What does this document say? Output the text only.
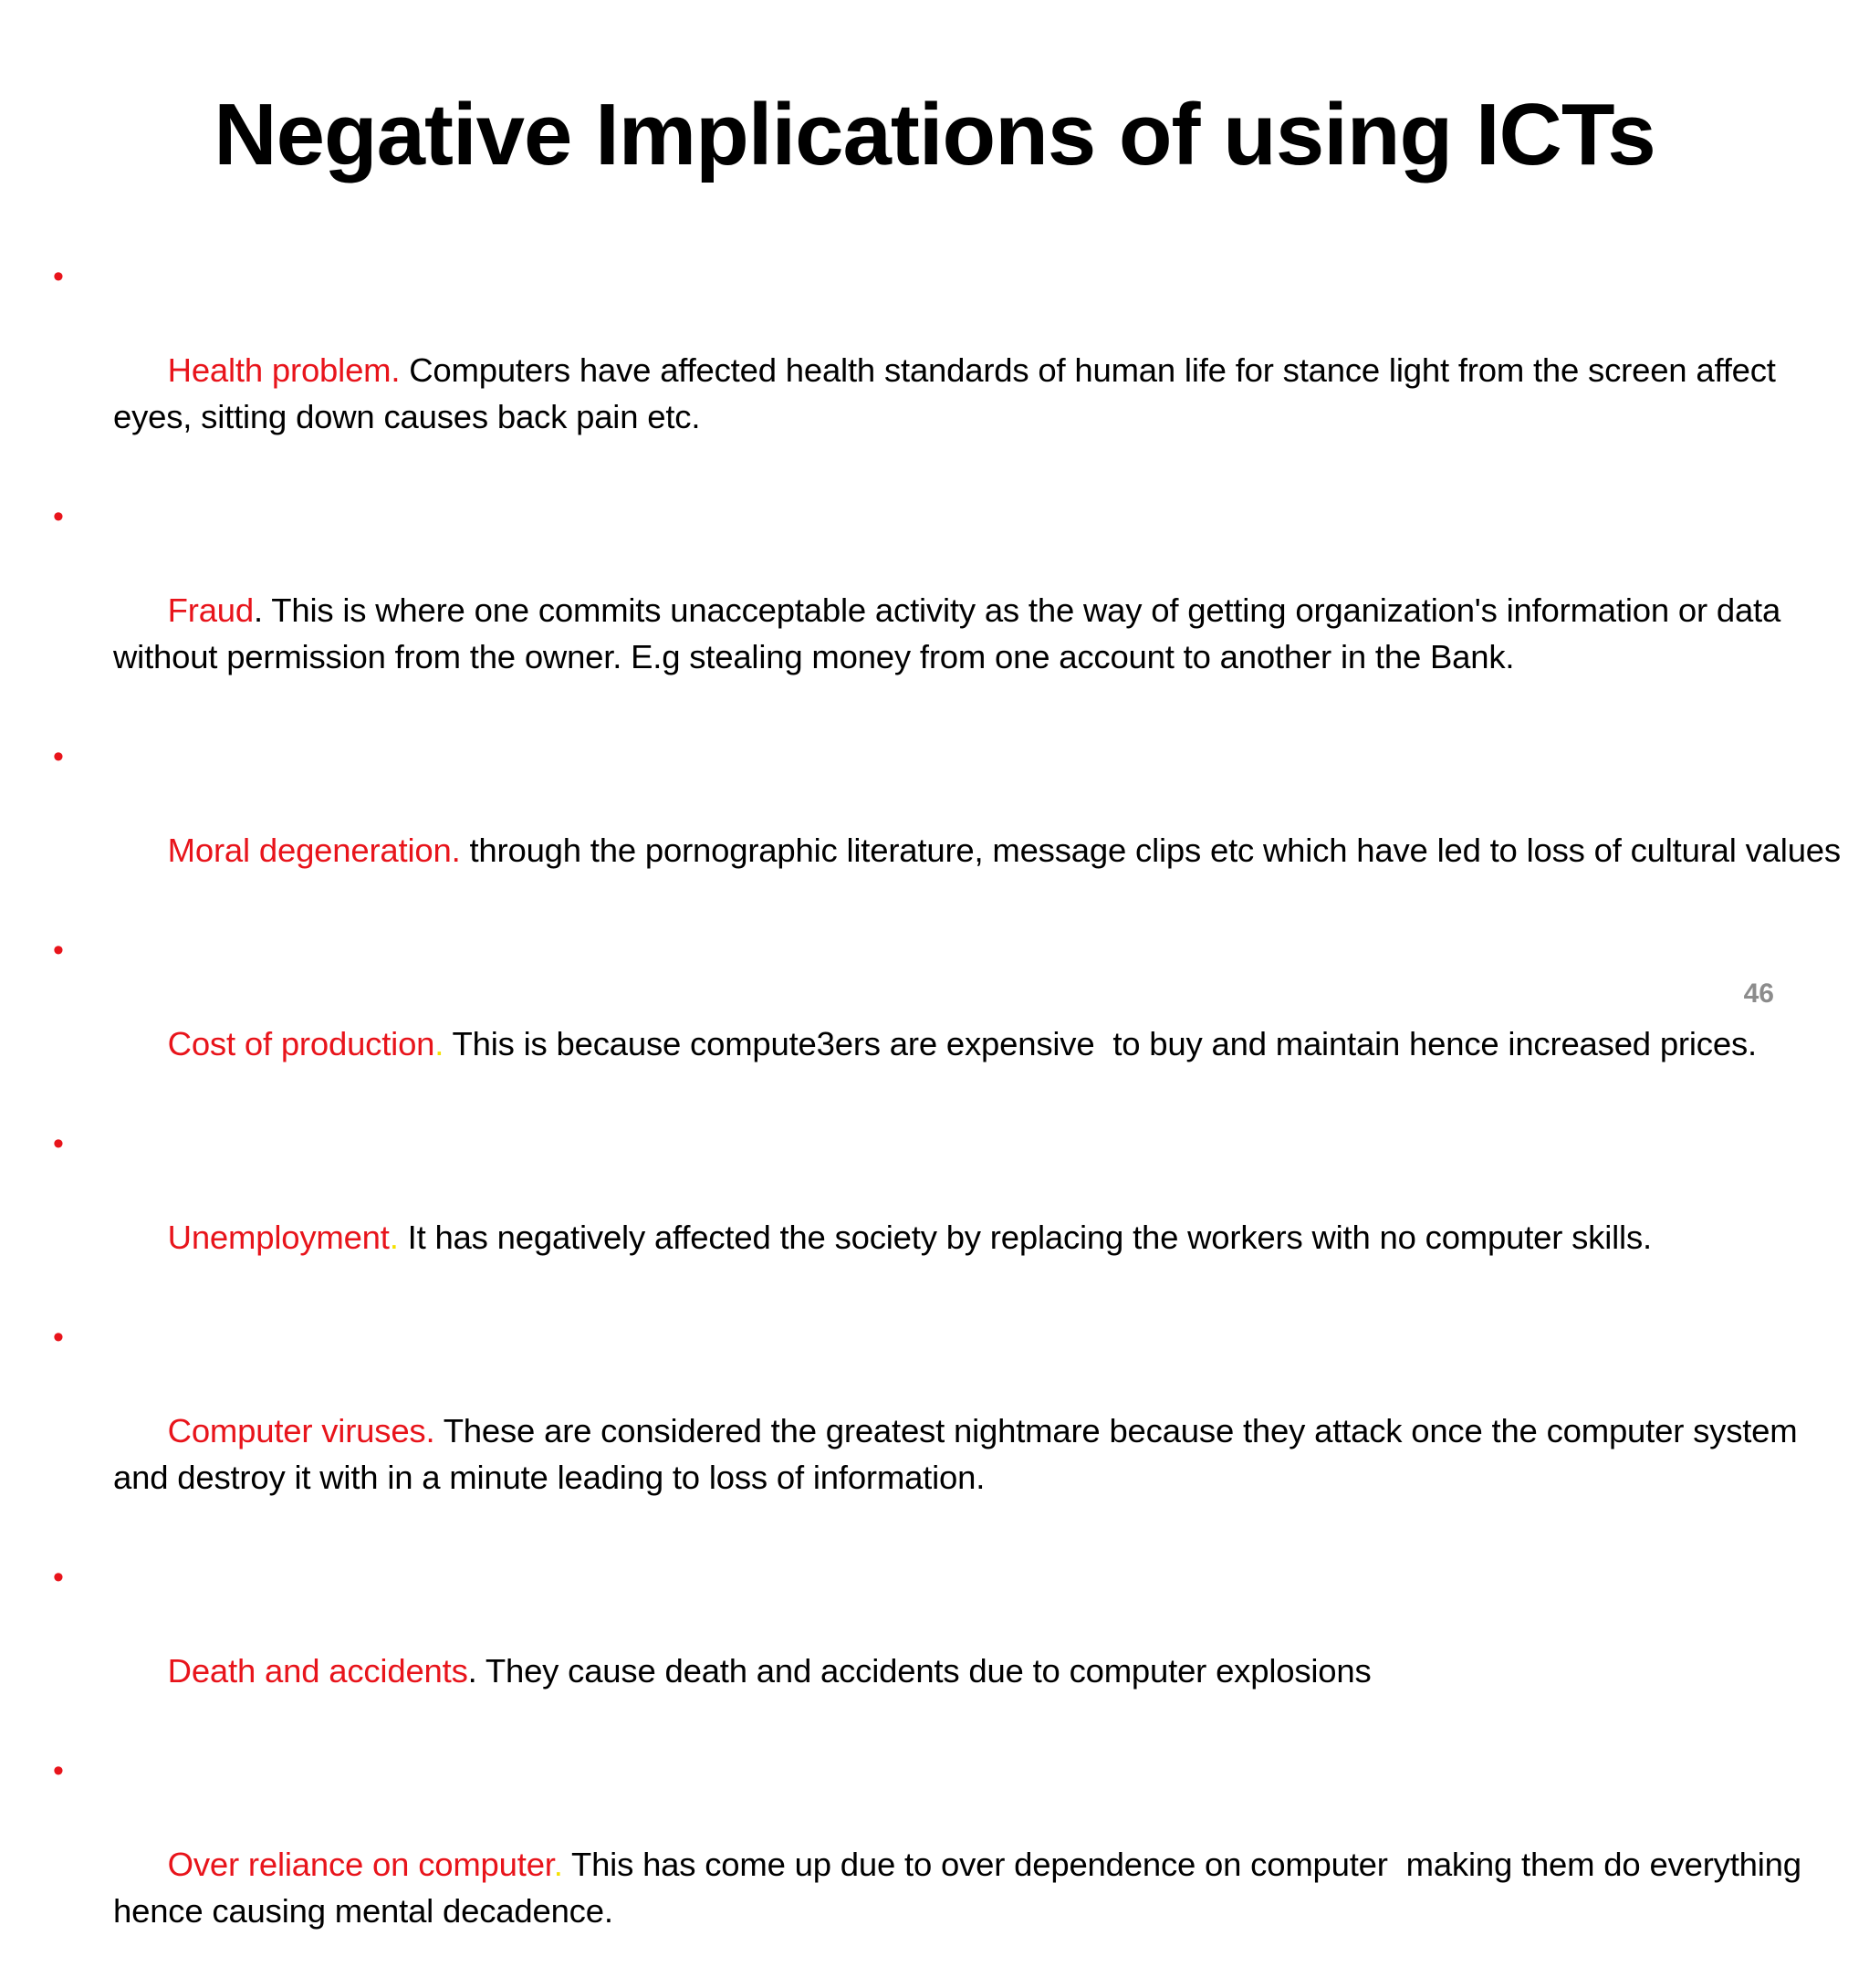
Negative Implications of using ICTs

•

Health problem. Computers have affected health standards of human life for stance light from the screen affect eyes, sitting down causes back pain etc.

•

Fraud. This is where one commits unacceptable activity as the way of getting organization's information or data without permission from the owner. E.g stealing money from one account to another in the Bank.

•

Moral degeneration. through the pornographic literature, message clips etc which have led to loss of cultural values

•

Cost of production. This is because compute3ers are expensive  to buy and maintain hence increased prices.

•

Unemployment. It has negatively affected the society by replacing the workers with no computer skills.

•

Computer viruses. These are considered the greatest nightmare because they attack once the computer system and destroy it with in a minute leading to loss of information.

•

Death and accidents. They cause death and accidents due to computer explosions

•

Over reliance on computer. This has come up due to over dependence on computer  making them do everything hence causing mental decadence.

46
